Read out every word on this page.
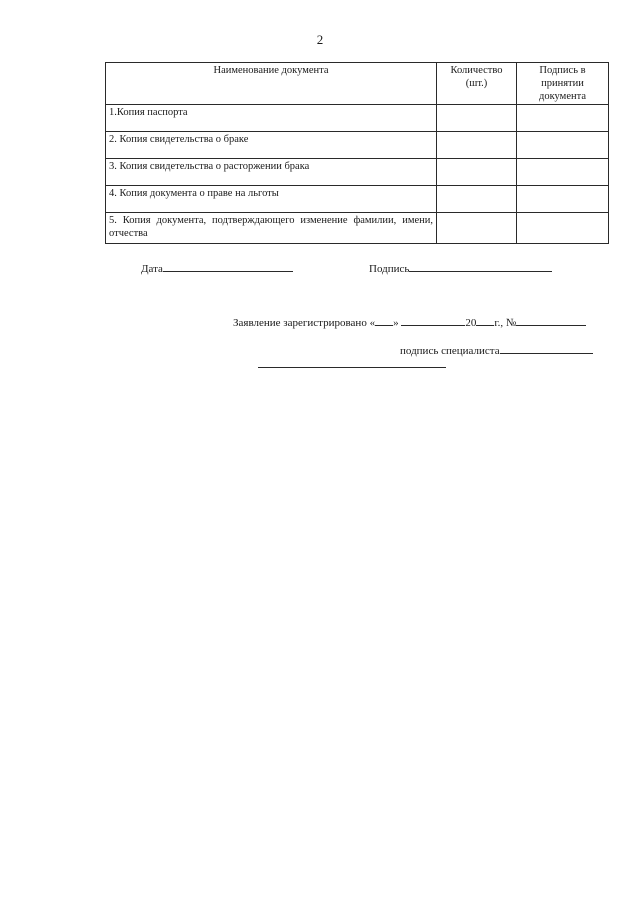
2
Наименование документа	Количество (шт.)	Подпись в принятии документа
1.Копия паспорта		
2. Копия свидетельства о браке		
3. Копия свидетельства о расторжении брака		
4. Копия документа о праве на льготы		
5. Копия документа, подтверждающего изменение фамилии, имени, отчества		
Дата	Подпись
Заявление зарегистрировано « »	20 г., №
подпись специалиста
